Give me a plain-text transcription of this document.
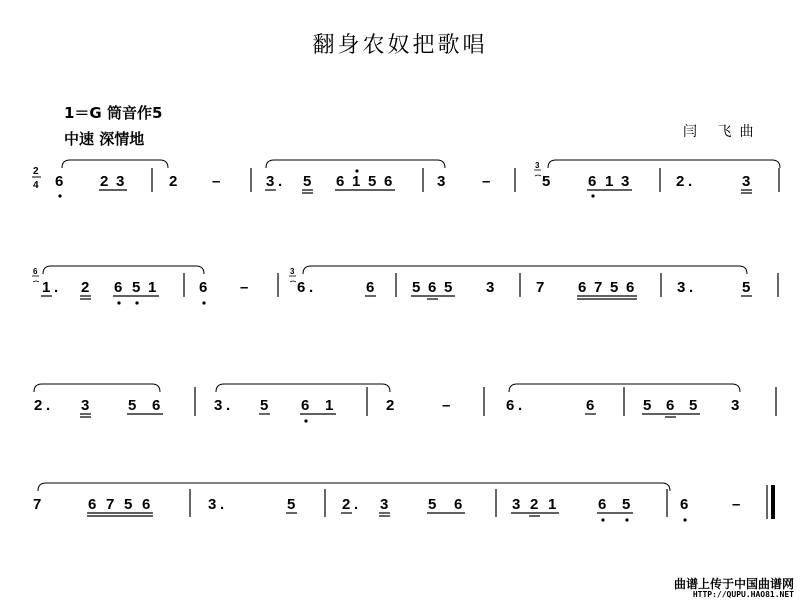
翻身农奴把歌唱
1＝G 筒音作5
中速 深情地	闫 飞曲
2
4 6 2 3	2 –	3 . 5 6 1 5 6	3 –
3
5	6 1 3	2 .	3
6
1 . 2 6 5 1	6 –
3
6 .	6	5 6 5 3	7 6 7 5 6	3 .	5
2 . 3	5 6	3 . 5 6 1	2	–	6 .	6	5 6 5 3
7	6 7 5 6	3 .	5	2 . 3	5 6	3 2 1	6 5	6	–
曲谱上传于中国曲谱网
HTTP://QUPU.HAO81.NET
